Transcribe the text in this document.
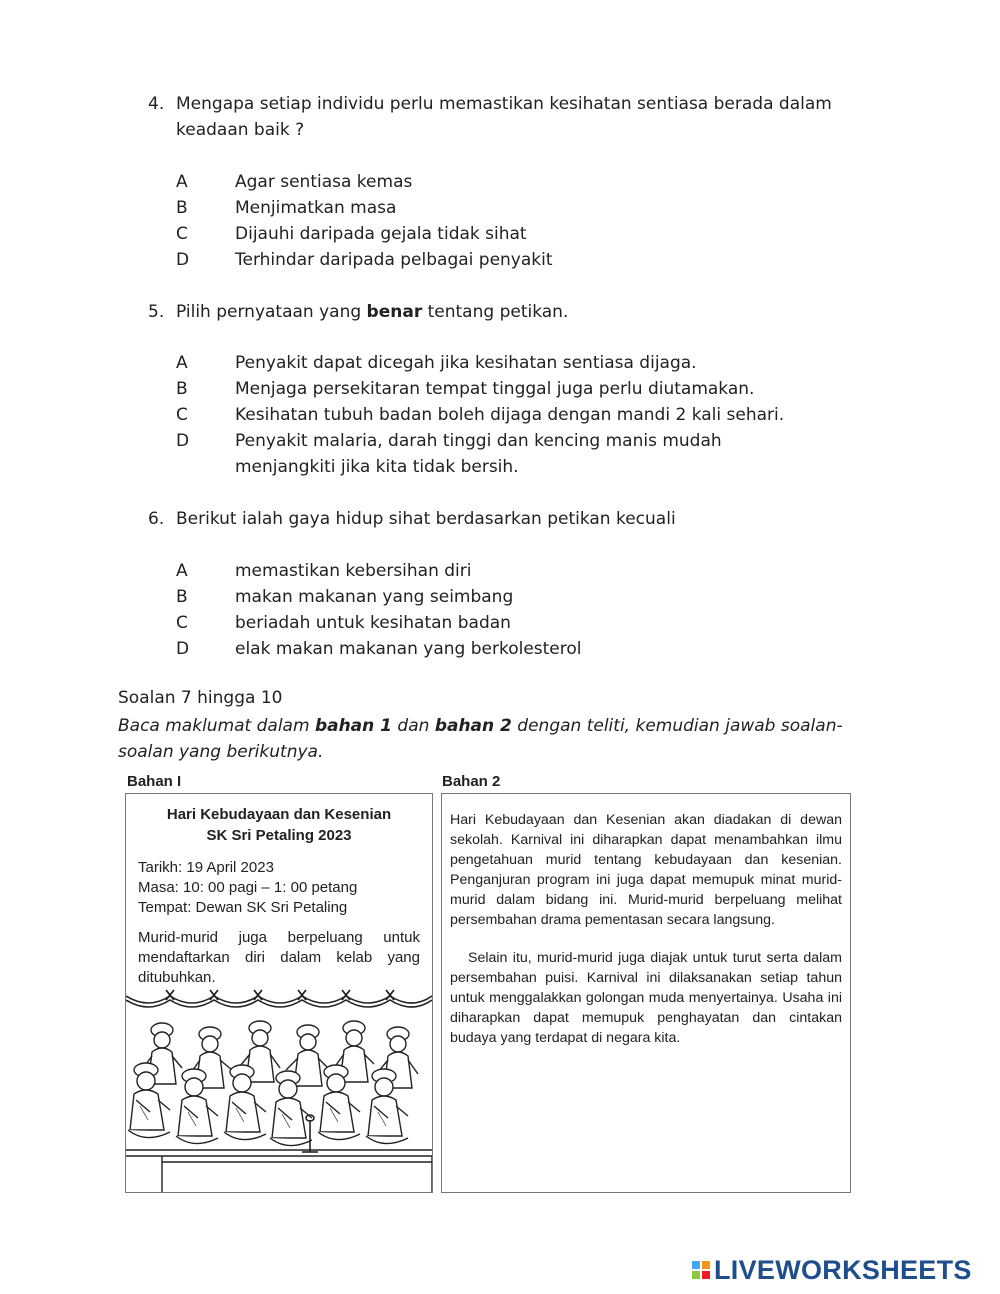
4. Mengapa setiap individu perlu memastikan kesihatan sentiasa berada dalam keadaan baik ?
A	Agar sentiasa kemas
B	Menjimatkan masa
C	Dijauhi daripada gejala tidak sihat
D	Terhindar daripada pelbagai penyakit
5. Pilih pernyataan yang benar tentang petikan.
A	Penyakit dapat dicegah jika kesihatan sentiasa dijaga.
B	Menjaga persekitaran tempat tinggal juga perlu diutamakan.
C	Kesihatan tubuh badan boleh dijaga dengan mandi 2 kali sehari.
D	Penyakit malaria, darah tinggi dan kencing manis mudah menjangkiti jika kita tidak bersih.
6. Berikut ialah gaya hidup sihat berdasarkan petikan kecuali
A	memastikan kebersihan diri
B	makan makanan yang seimbang
C	beriadah untuk kesihatan badan
D	elak makan makanan yang berkolesterol
Soalan 7 hingga 10
Baca maklumat dalam bahan 1 dan bahan 2 dengan teliti, kemudian jawab soalan-soalan yang berikutnya.
Bahan I	Bahan 2
Hari Kebudayaan dan Kesenian
SK Sri Petaling 2023
Tarikh: 19 April 2023
Masa: 10: 00 pagi – 1: 00 petang
Tempat: Dewan SK Sri Petaling
Murid-murid juga berpeluang untuk mendaftarkan diri dalam kelab yang ditubuhkan.

Hari Kebudayaan dan Kesenian akan diadakan di dewan sekolah. Karnival ini diharapkan dapat menambahkan ilmu pengetahuan murid tentang kebudayaan dan kesenian. Penganjuran program ini juga dapat memupuk minat murid-murid dalam bidang ini. Murid-murid berpeluang melihat persembahan drama pementasan secara langsung.

Selain itu, murid-murid juga diajak untuk turut serta dalam persembahan puisi. Karnival ini dilaksanakan setiap tahun untuk menggalakkan golongan muda menyertainya. Usaha ini diharapkan dapat memupuk penghayatan dan cintakan budaya yang terdapat di negara kita.

LIVEWORKSHEETS
